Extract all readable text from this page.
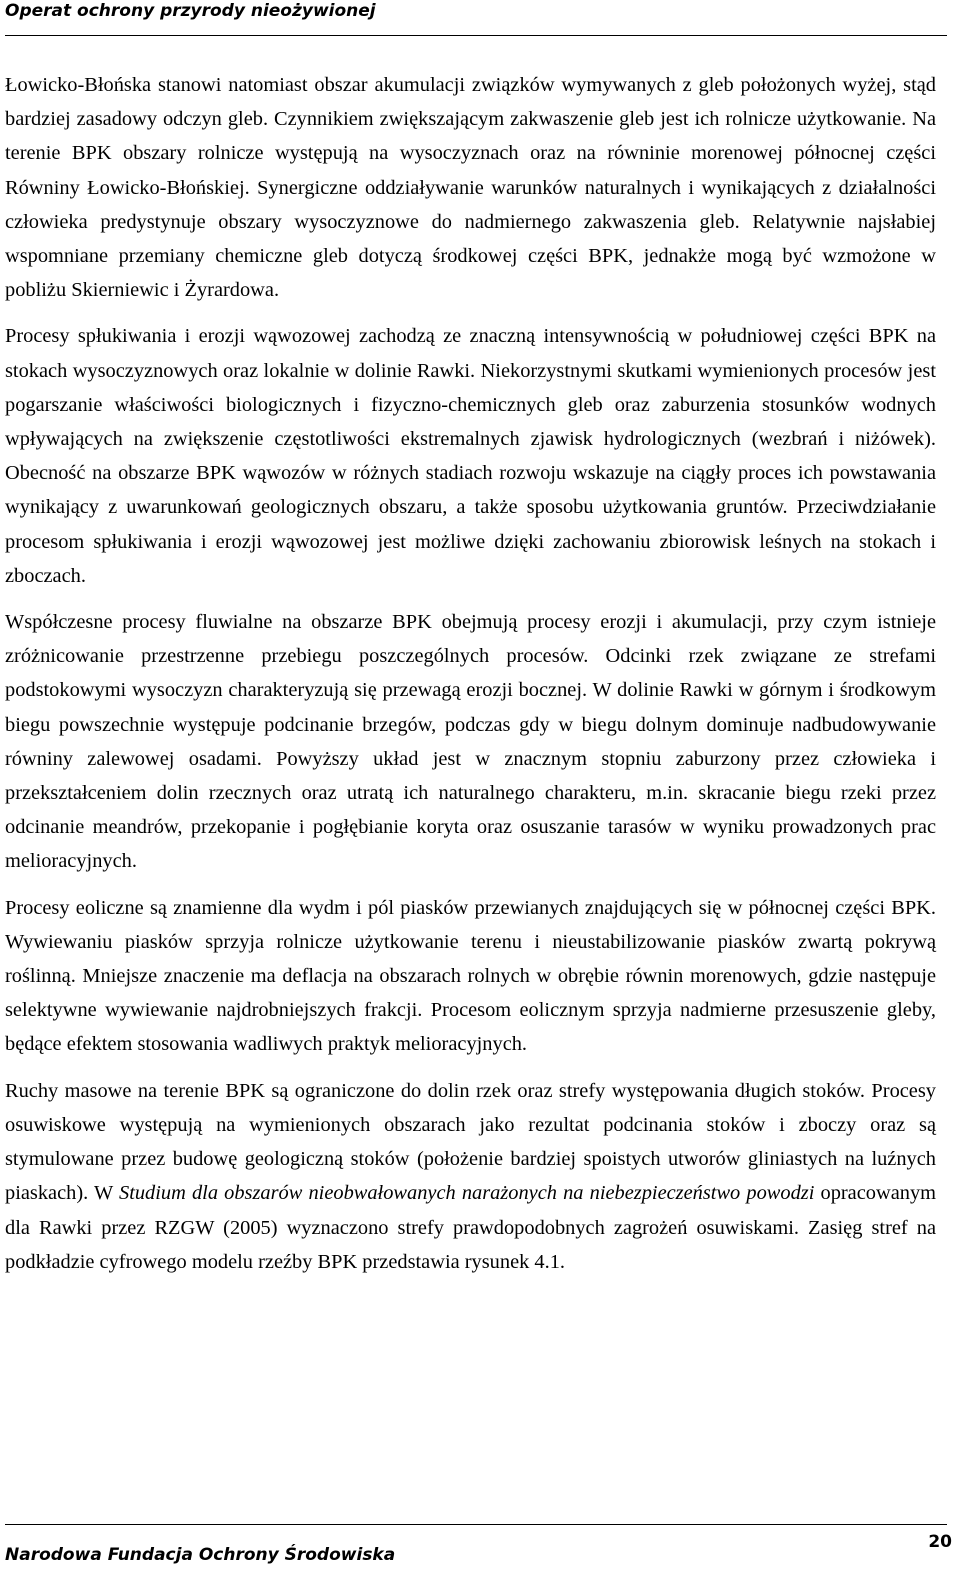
Operat ochrony przyrody nieożywionej

Łowicko-Błońska stanowi natomiast obszar akumulacji związków wymywanych z gleb położonych wyżej, stąd bardziej zasadowy odczyn gleb. Czynnikiem zwiększającym zakwaszenie gleb jest ich rolnicze użytkowanie. Na terenie BPK obszary rolnicze występują na wysoczyznach oraz na równinie morenowej północnej części Równiny Łowicko-Błońskiej. Synergiczne oddziaływanie warunków naturalnych i wynikających z działalności człowieka predystynuje obszary wysoczyznowe do nadmiernego zakwaszenia gleb. Relatywnie najsłabiej wspomniane przemiany chemiczne gleb dotyczą środkowej części BPK, jednakże mogą być wzmożone w pobliżu Skierniewic i Żyrardowa.

Procesy spłukiwania i erozji wąwozowej zachodzą ze znaczną intensywnością w południowej części BPK na stokach wysoczyznowych oraz lokalnie w dolinie Rawki. Niekorzystnymi skutkami wymienionych procesów jest pogarszanie właściwości biologicznych i fizyczno-chemicznych gleb oraz zaburzenia stosunków wodnych wpływających na zwiększenie częstotliwości ekstremalnych zjawisk hydrologicznych (wezbrań i niżówek). Obecność na obszarze BPK wąwozów w różnych stadiach rozwoju wskazuje na ciągły proces ich powstawania wynikający z uwarunkowań geologicznych obszaru, a także sposobu użytkowania gruntów. Przeciwdziałanie procesom spłukiwania i erozji wąwozowej jest możliwe dzięki zachowaniu zbiorowisk leśnych na stokach i zboczach.

Współczesne procesy fluwialne na obszarze BPK obejmują procesy erozji i akumulacji, przy czym istnieje zróżnicowanie przestrzenne przebiegu poszczególnych procesów. Odcinki rzek związane ze strefami podstokowymi wysoczyzn charakteryzują się przewagą erozji bocznej. W dolinie Rawki w górnym i środkowym biegu powszechnie występuje podcinanie brzegów, podczas gdy w biegu dolnym dominuje nadbudowywanie równiny zalewowej osadami. Powyższy układ jest w znacznym stopniu zaburzony przez człowieka i przekształceniem dolin rzecznych oraz utratą ich naturalnego charakteru, m.in. skracanie biegu rzeki przez odcinanie meandrów, przekopanie i pogłębianie koryta oraz osuszanie tarasów w wyniku prowadzonych prac melioracyjnych.

Procesy eoliczne są znamienne dla wydm i pól piasków przewianych znajdujących się w północnej części BPK. Wywiewaniu piasków sprzyja rolnicze użytkowanie terenu i nieustabilizowanie piasków zwartą pokrywą roślinną. Mniejsze znaczenie ma deflacja na obszarach rolnych w obrębie równin morenowych, gdzie następuje selektywne wywiewanie najdrobniejszych frakcji. Procesom eolicznym sprzyja nadmierne przesuszenie gleby, będące efektem stosowania wadliwych praktyk melioracyjnych.

Ruchy masowe na terenie BPK są ograniczone do dolin rzek oraz strefy występowania długich stoków. Procesy osuwiskowe występują na wymienionych obszarach jako rezultat podcinania stoków i zboczy oraz są stymulowane przez budowę geologiczną stoków (położenie bardziej spoistych utworów gliniastych na luźnych piaskach). W Studium dla obszarów nieobwałowanych narażonych na niebezpieczeństwo powodzi opracowanym dla Rawki przez RZGW (2005) wyznaczono strefy prawdopodobnych zagrożeń osuwiskami. Zasięg stref na podkładzie cyfrowego modelu rzeźby BPK przedstawia rysunek 4.1.

Narodowa Fundacja Ochrony Środowiska
20
